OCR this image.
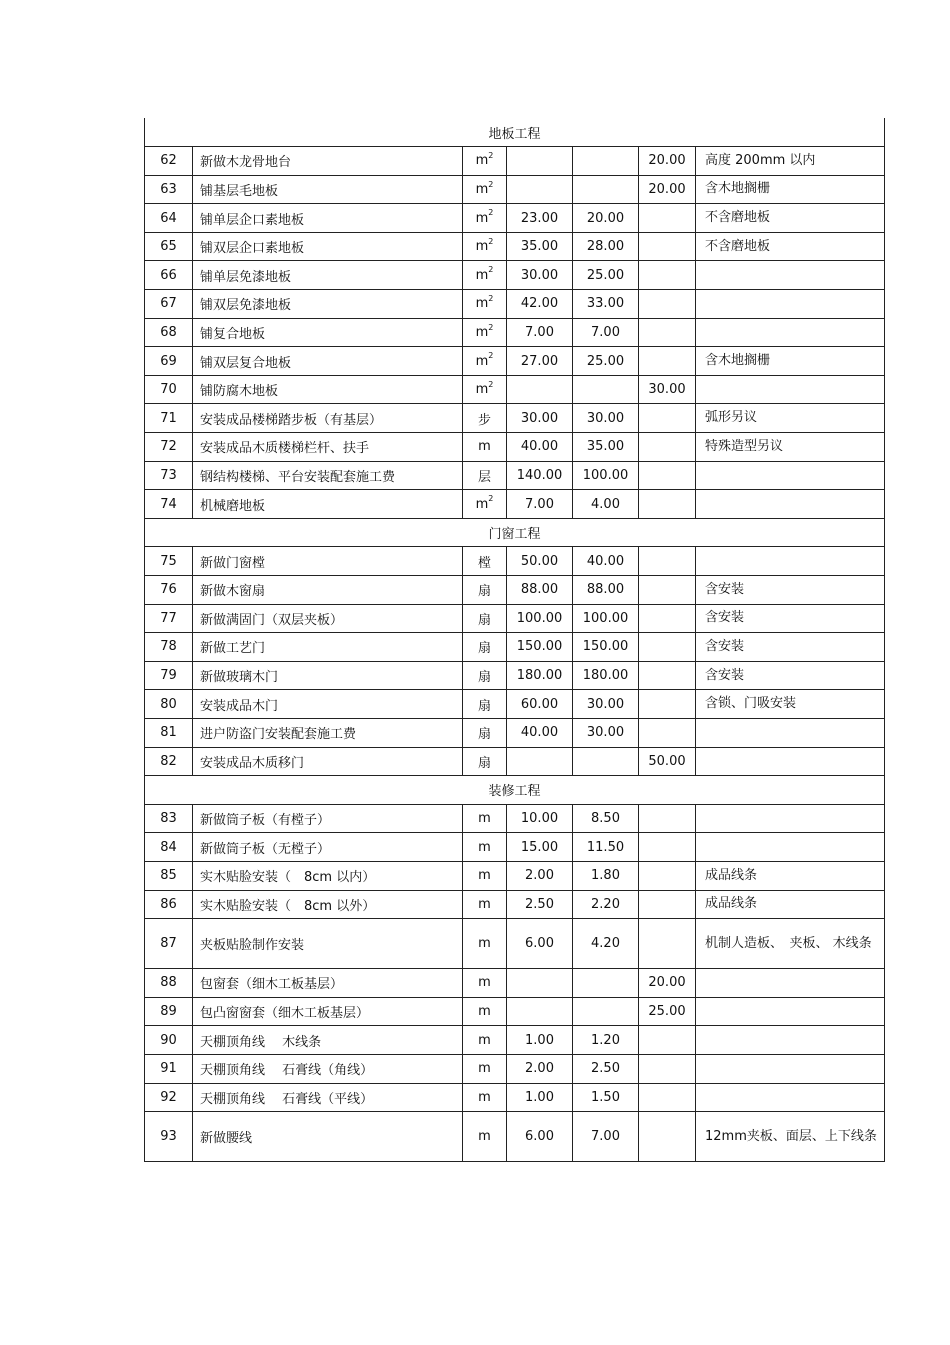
地板工程						
62	新做木龙骨地台	$m^2$			20.00	高度 200mm 以内
63	铺基层毛地板	$m^2$			20.00	含木地搁栅
64	铺单层企口素地板	$m^2$	23.00	20.00		不含磨地板
65	铺双层企口素地板	$m^2$	35.00	28.00		不含磨地板
66	铺单层免漆地板	$m^2$	30.00	25.00		
67	铺双层免漆地板	$m^2$	42.00	33.00		
68	铺复合地板	$m^2$	7.00	7.00		
69	铺双层复合地板	$m^2$	27.00	25.00		含木地搁栅
70	铺防腐木地板	$m^2$			30.00	
71	安装成品楼梯踏步板（有基层）	步	30.00	30.00		弧形另议
72	安装成品木质楼梯栏杆、扶手	m	40.00	35.00		特殊造型另议
73	钢结构楼梯、平台安装配套施工费	层	140.00	100.00		
74	机械磨地板	$m^2$	7.00	4.00		
门窗工程						
75	新做门窗樘	樘	50.00	40.00		
76	新做木窗扇	扇	88.00	88.00		含安装
77	新做满固门（双层夹板）	扇	100.00	100.00		含安装
78	新做工艺门	扇	150.00	150.00		含安装
79	新做玻璃木门	扇	180.00	180.00		含安装
80	安装成品木门	扇	60.00	30.00		含锁、门吸安装
81	进户防盗门安装配套施工费	扇	40.00	30.00		
82	安装成品木质移门	扇			50.00	
装修工程						
83	新做筒子板（有樘子）	m	10.00	8.50		
84	新做筒子板（无樘子）	m	15.00	11.50		
85	实木贴脸安装（　8cm 以内）	m	2.00	1.80		成品线条
86	实木贴脸安装（　8cm 以外）	m	2.50	2.20		成品线条
87	夹板贴脸制作安装	m	6.00	4.20		机制人造板、　夹板、 木线条
88	包窗套（细木工板基层）	m			20.00	
89	包凸窗窗套（细木工板基层）	m			25.00	
90	天棚顶角线　 木线条	m	1.00	1.20		
91	天棚顶角线　 石膏线（角线）	m	2.00	2.50		
92	天棚顶角线　 石膏线（平线）	m	1.00	1.50		
93	新做腰线	m	6.00	7.00		12mm夹板、面层、上下线条
